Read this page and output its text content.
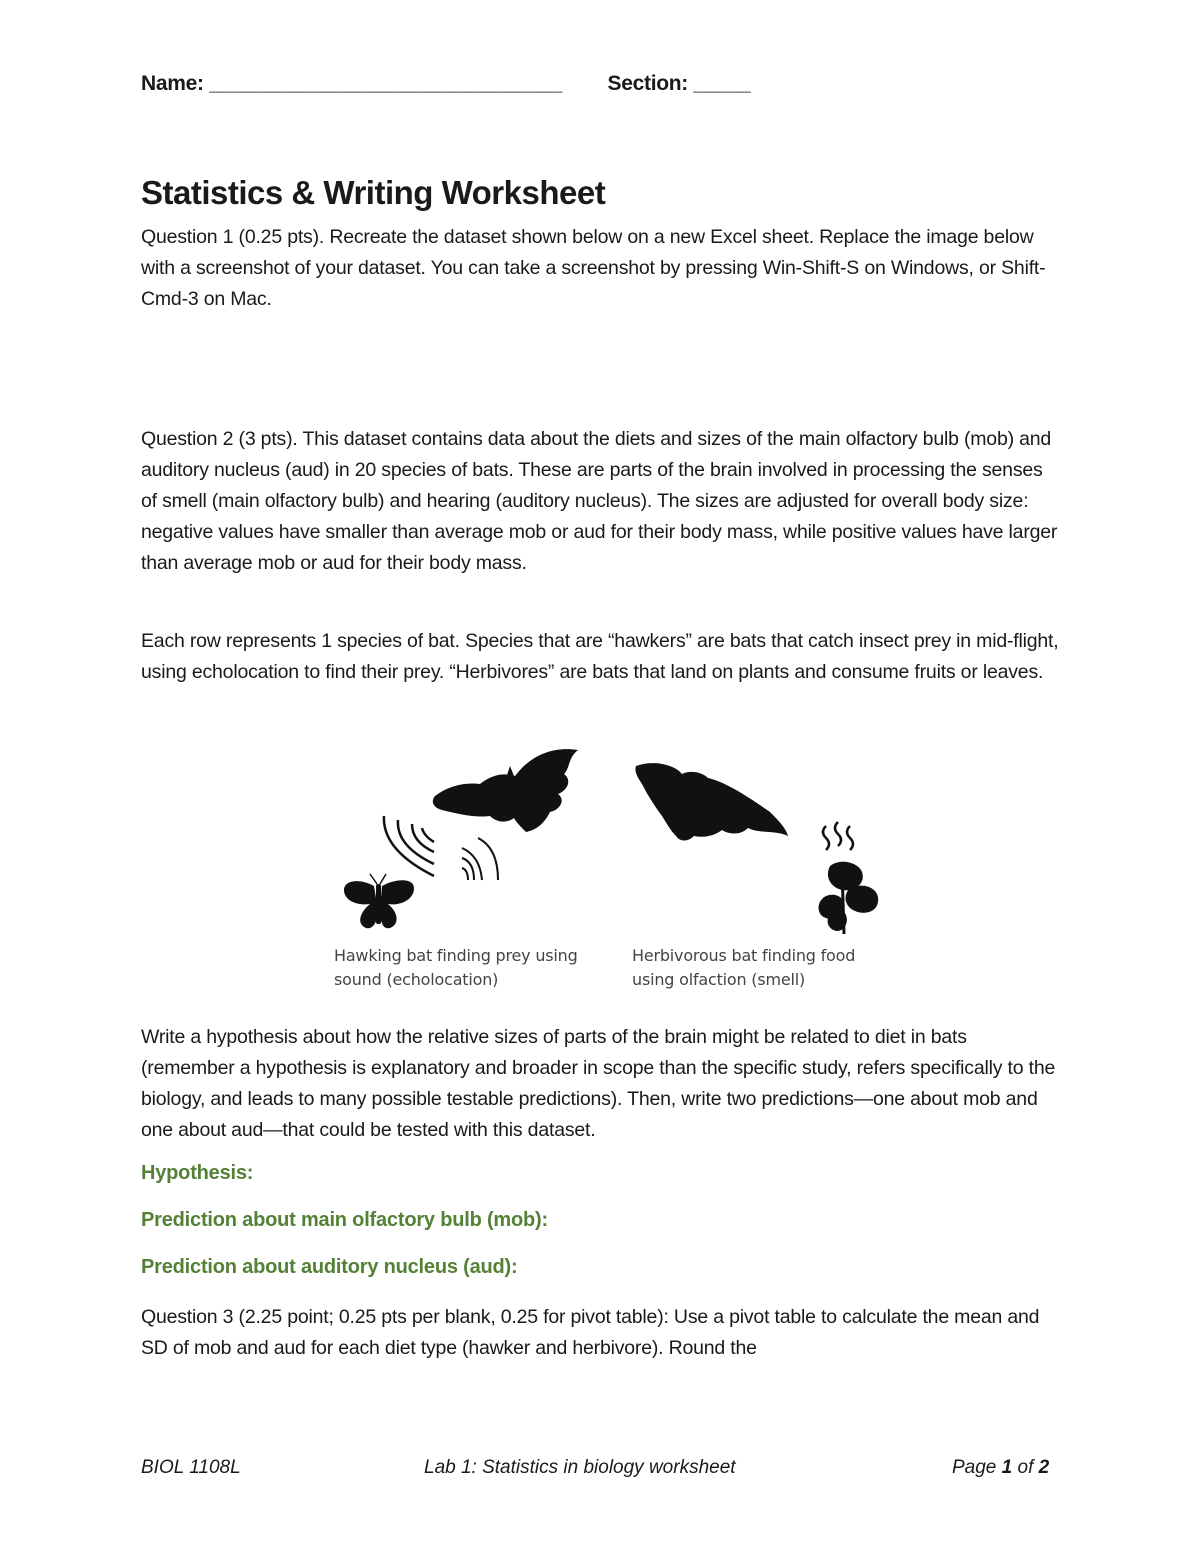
Name: _______________________________ Section: _____
Statistics & Writing Worksheet

Question 1 (0.25 pts). Recreate the dataset shown below on a new Excel sheet. Replace the image below with a screenshot of your dataset. You can take a screenshot by pressing Win-Shift-S on Windows, or Shift-Cmd-3 on Mac.

Question 2 (3 pts). This dataset contains data about the diets and sizes of the main olfactory bulb (mob) and auditory nucleus (aud) in 20 species of bats. These are parts of the brain involved in processing the senses of smell (main olfactory bulb) and hearing (auditory nucleus). The sizes are adjusted for overall body size: negative values have smaller than average mob or aud for their body mass, while positive values have larger than average mob or aud for their body mass.

Each row represents 1 species of bat. Species that are “hawkers” are bats that catch insect prey in mid-flight, using echolocation to find their prey. “Herbivores” are bats that land on plants and consume fruits or leaves.

Hawking bat finding prey using
sound (echolocation)
Herbivorous bat finding food
using olfaction (smell)

Write a hypothesis about how the relative sizes of parts of the brain might be related to diet in bats (remember a hypothesis is explanatory and broader in scope than the specific study, refers specifically to the biology, and leads to many possible testable predictions). Then, write two predictions—one about mob and one about aud—that could be tested with this dataset.

Hypothesis:

Prediction about main olfactory bulb (mob):

Prediction about auditory nucleus (aud):

Question 3 (2.25 point; 0.25 pts per blank, 0.25 for pivot table): Use a pivot table to calculate the mean and SD of mob and aud for each diet type (hawker and herbivore). Round the

BIOL 1108L	Lab 1: Statistics in biology worksheet	Page 1 of 2
